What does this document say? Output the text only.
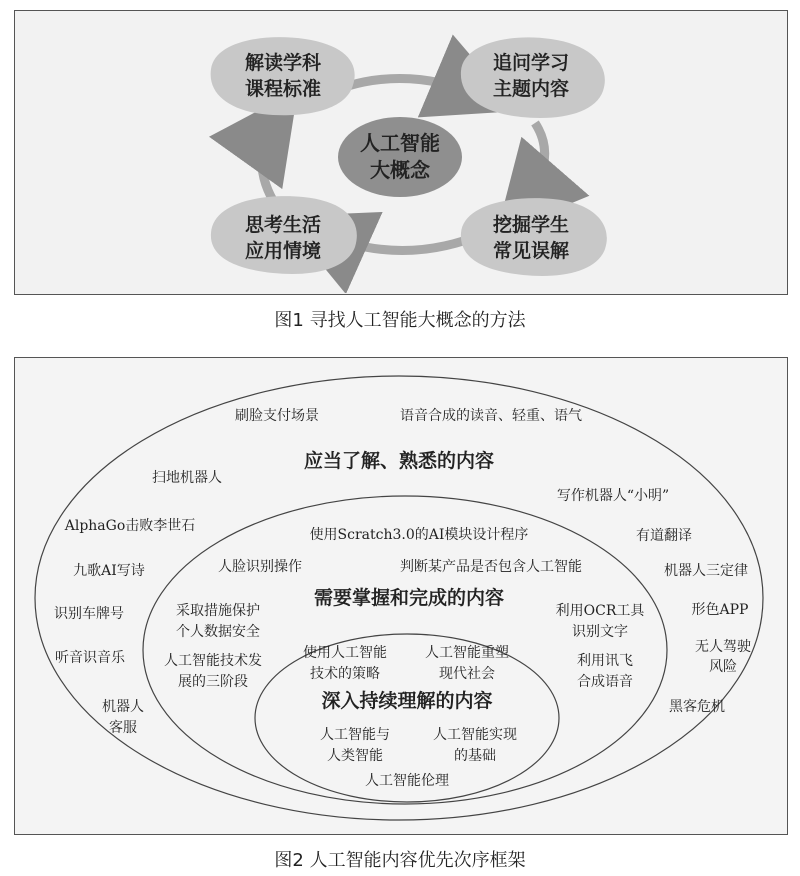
解读学科
课程标准
追问学习
主题内容
思考生活
应用情境
挖掘学生
常见误解
人工智能
大概念
图1 寻找人工智能大概念的方法
应当了解、熟悉的内容
刷脸支付场景	语音合成的读音、轻重、语气
扫地机器人
写作机器人“小明”
AlphaGo击败李世石
有道翻译
九歌AI写诗	机器人三定律
识别车牌号	形色APP
听音识音乐
无人驾驶
风险
机器人
客服
黑客危机
需要掌握和完成的内容
使用Scratch3.0的AI模块设计程序
人脸识别操作	判断某产品是否包含人工智能
采取措施保护
个人数据安全
利用OCR工具
识别文字
人工智能技术发
展的三阶段
利用讯飞
合成语音
深入持续理解的内容
使用人工智能
技术的策略
人工智能重塑
现代社会
人工智能与
人类智能
人工智能实现
的基础
人工智能伦理
图2 人工智能内容优先次序框架
